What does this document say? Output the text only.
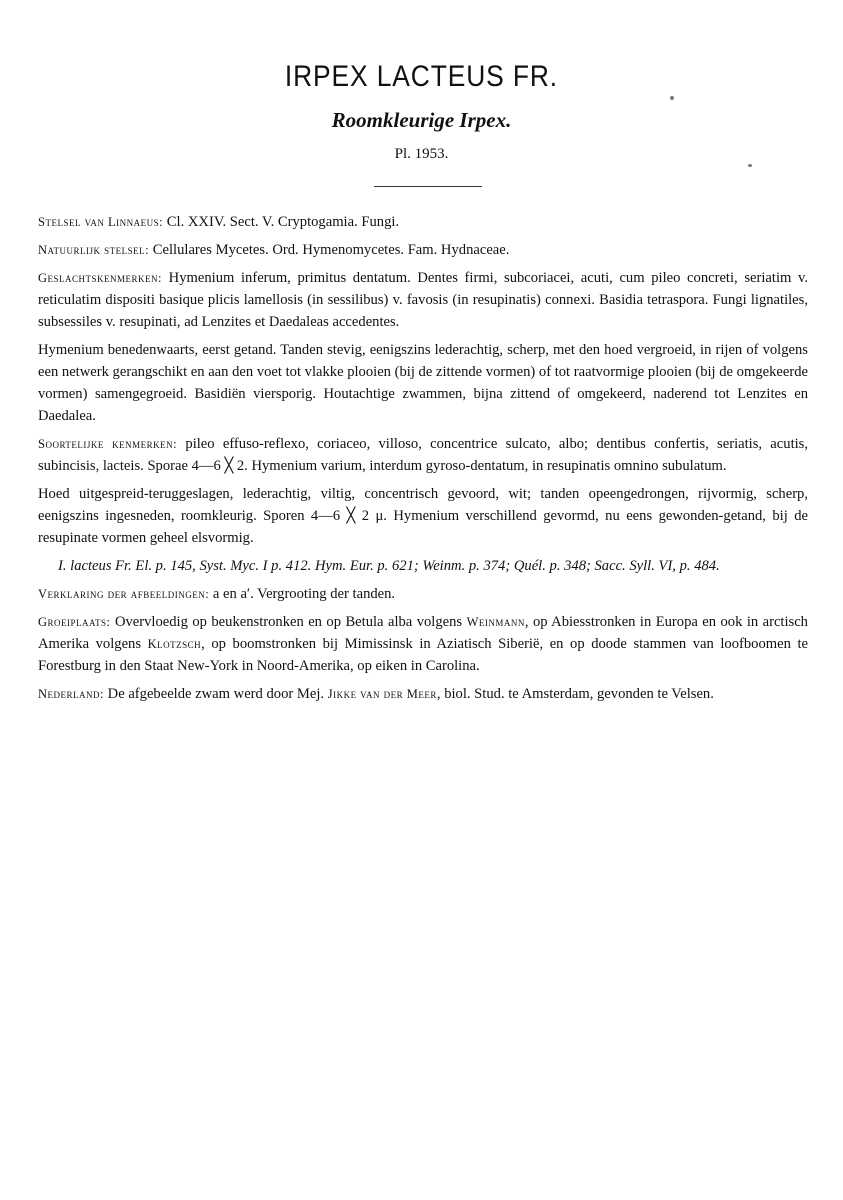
IRPEX LACTEUS FR.
Roomkleurige Irpex.
Pl. 1953.

Stelsel van Linnaeus: Cl. XXIV. Sect. V. Cryptogamia. Fungi.

Natuurlijk stelsel: Cellulares Mycetes. Ord. Hymenomycetes. Fam. Hydnaceae.

Geslachtskenmerken: Hymenium inferum, primitus dentatum. Dentes firmi, subcoriacei, acuti, cum pileo concreti, seriatim v. reticulatim dispositi basique plicis lamellosis (in sessilibus) v. favosis (in resupinatis) connexi. Basidia tetraspora. Fungi lignatiles, subsessiles v. resupinati, ad Lenzites et Daedaleas accedentes.

Hymenium benedenwaarts, eerst getand. Tanden stevig, eenigszins lederachtig, scherp, met den hoed vergroeid, in rijen of volgens een netwerk gerangschikt en aan den voet tot vlakke plooien (bij de zittende vormen) of tot raatvormige plooien (bij de omgekeerde vormen) samengegroeid. Basidiën viersporig. Houtachtige zwammen, bijna zittend of omgekeerd, naderend tot Lenzites en Daedalea.

Soortelijke kenmerken: pileo effuso-reflexo, coriaceo, villoso, concentrice sulcato, albo; dentibus confertis, seriatis, acutis, subincisis, lacteis. Sporae 4—6 ╳ 2. Hymenium varium, interdum gyroso-dentatum, in resupinatis omnino subulatum.

Hoed uitgespreid-teruggeslagen, lederachtig, viltig, concentrisch gevoord, wit; tanden opeengedrongen, rijvormig, scherp, eenigszins ingesneden, roomkleurig. Sporen 4—6 ╳ 2 μ. Hymenium verschillend gevormd, nu eens gewonden-getand, bij de resupinate vormen geheel elsvormig.

I. lacteus Fr. El. p. 145, Syst. Myc. I p. 412. Hym. Eur. p. 621; Weinm. p. 374; Quél. p. 348; Sacc. Syll. VI, p. 484.

Verklaring der afbeeldingen: a en a′. Vergrooting der tanden.

Groeiplaats: Overvloedig op beukenstronken en op Betula alba volgens Weinmann, op Abiesstronken in Europa en ook in arctisch Amerika volgens Klotzsch, op boomstronken bij Mimissinsk in Aziatisch Siberië, en op doode stammen van loofboomen te Forestburg in den Staat New-York in Noord-Amerika, op eiken in Carolina.

Nederland: De afgebeelde zwam werd door Mej. Jikke van der Meer, biol. Stud. te Amsterdam, gevonden te Velsen.
